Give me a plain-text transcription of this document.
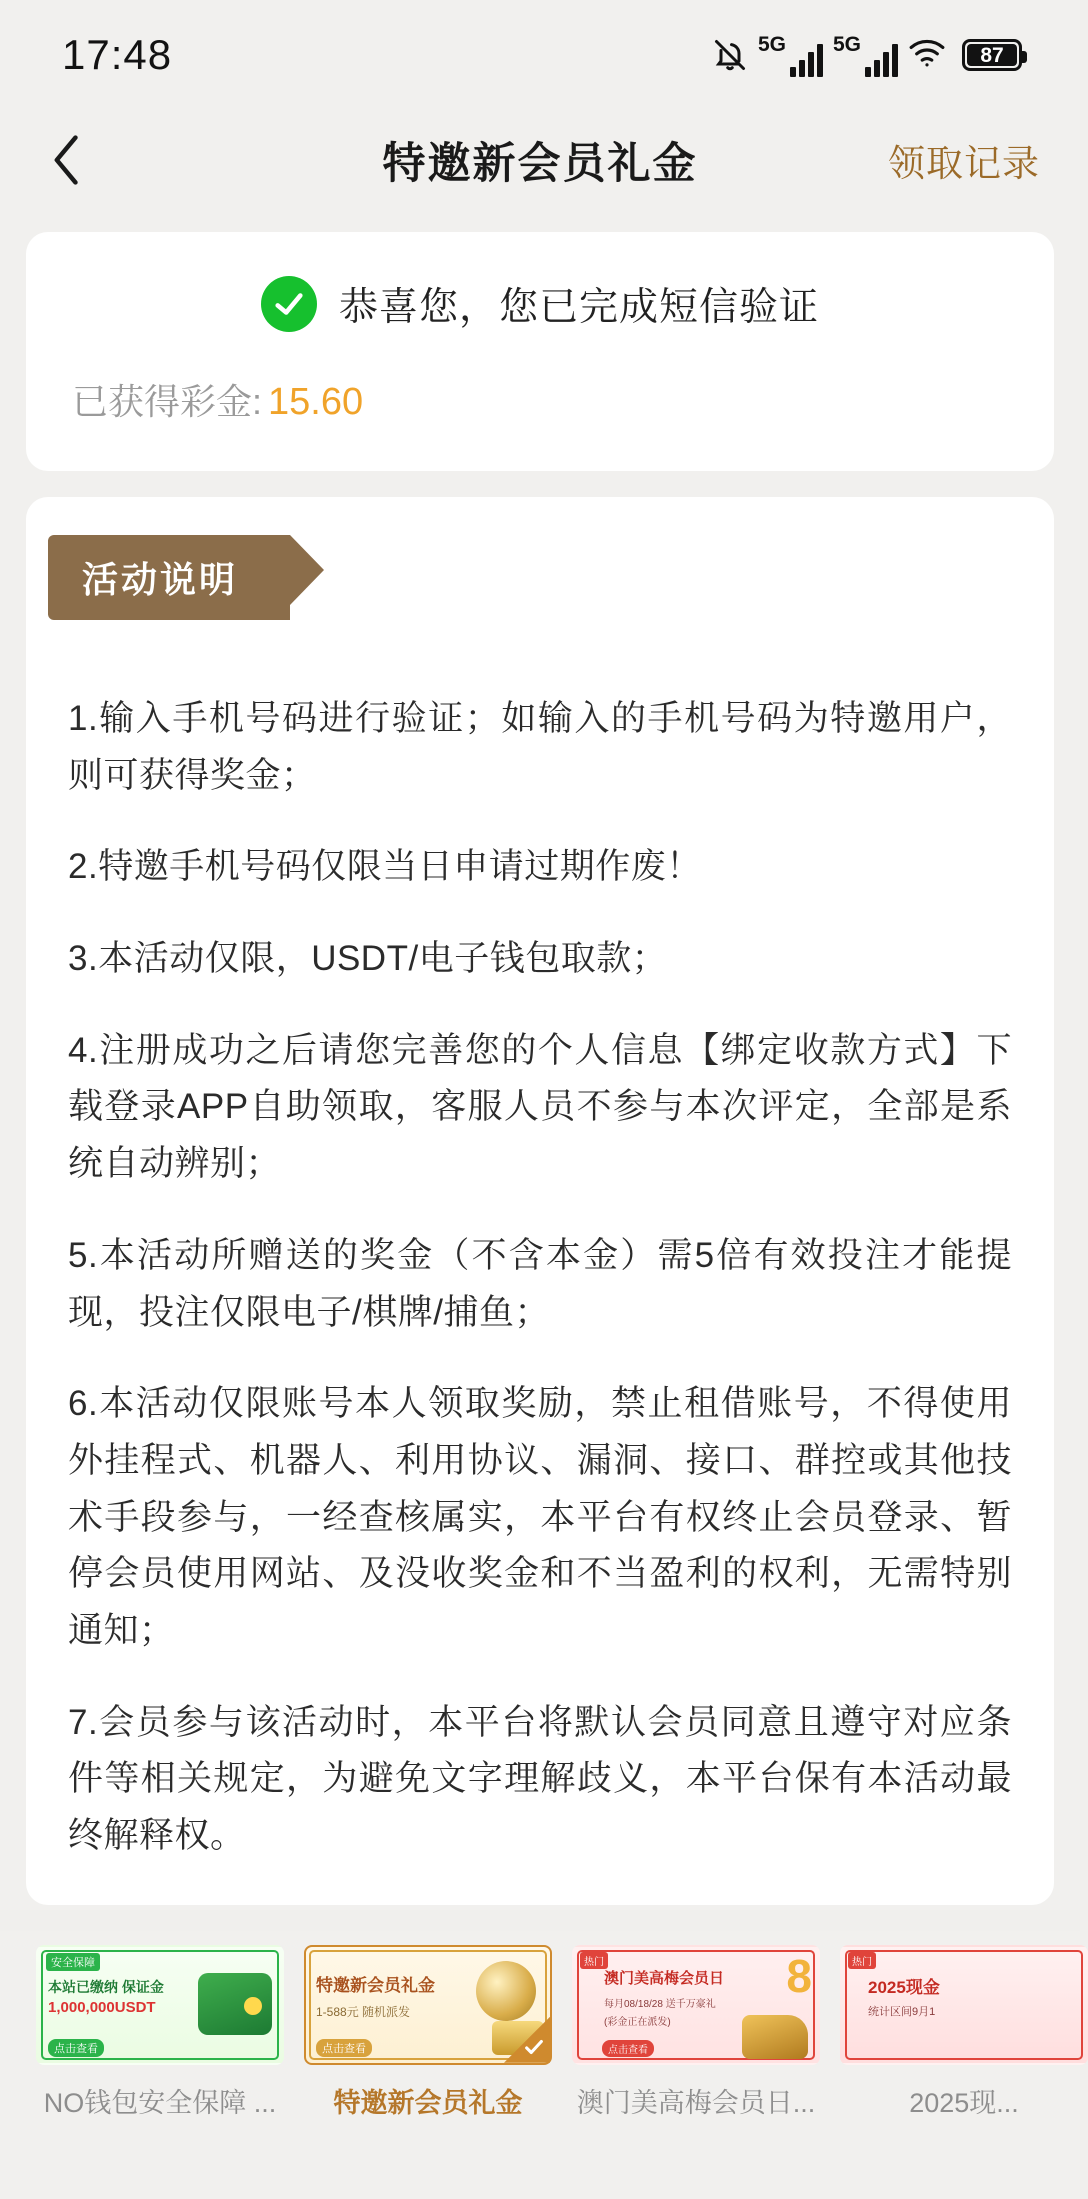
17:48	5G 5G	87
特邀新会员礼金	领取记录
恭喜您，您已完成短信验证
已获得彩金: 15.60
活动说明

1.输入手机号码进行验证；如输入的手机号码为特邀用户，则可获得奖金；

2.特邀手机号码仅限当日申请过期作废！

3.本活动仅限，USDT/电子钱包取款；

4.注册成功之后请您完善您的个人信息【绑定收款方式】下载登录APP自助领取，客服人员不参与本次评定，全部是系统自动辨别；

5.本活动所赠送的奖金（不含本金）需5倍有效投注才能提现，投注仅限电子/棋牌/捕鱼；

6.本活动仅限账号本人领取奖励，禁止租借账号，不得使用外挂程式、机器人、利用协议、漏洞、接口、群控或其他技术手段参与，一经查核属实，本平台有权终止会员登录、暂停会员使用网站、及没收奖金和不当盈利的权利，无需特别通知；

7.会员参与该活动时，本平台将默认会员同意且遵守对应条件等相关规定，为避免文字理解歧义，本平台保有本活动最终解释权。

安全保障
本站已缴纳 保证金
1,000,000USDT
点击查看
NO钱包安全保障 ...
特邀新会员礼金
1-588元 随机派发
点击查看
特邀新会员礼金
热门	8
澳门美高梅会员日
每月08/18/28 送千万豪礼
(彩金正在派发)
点击查看
澳门美高梅会员日...
热门
2025现金
统计区间9月1
2025现...
